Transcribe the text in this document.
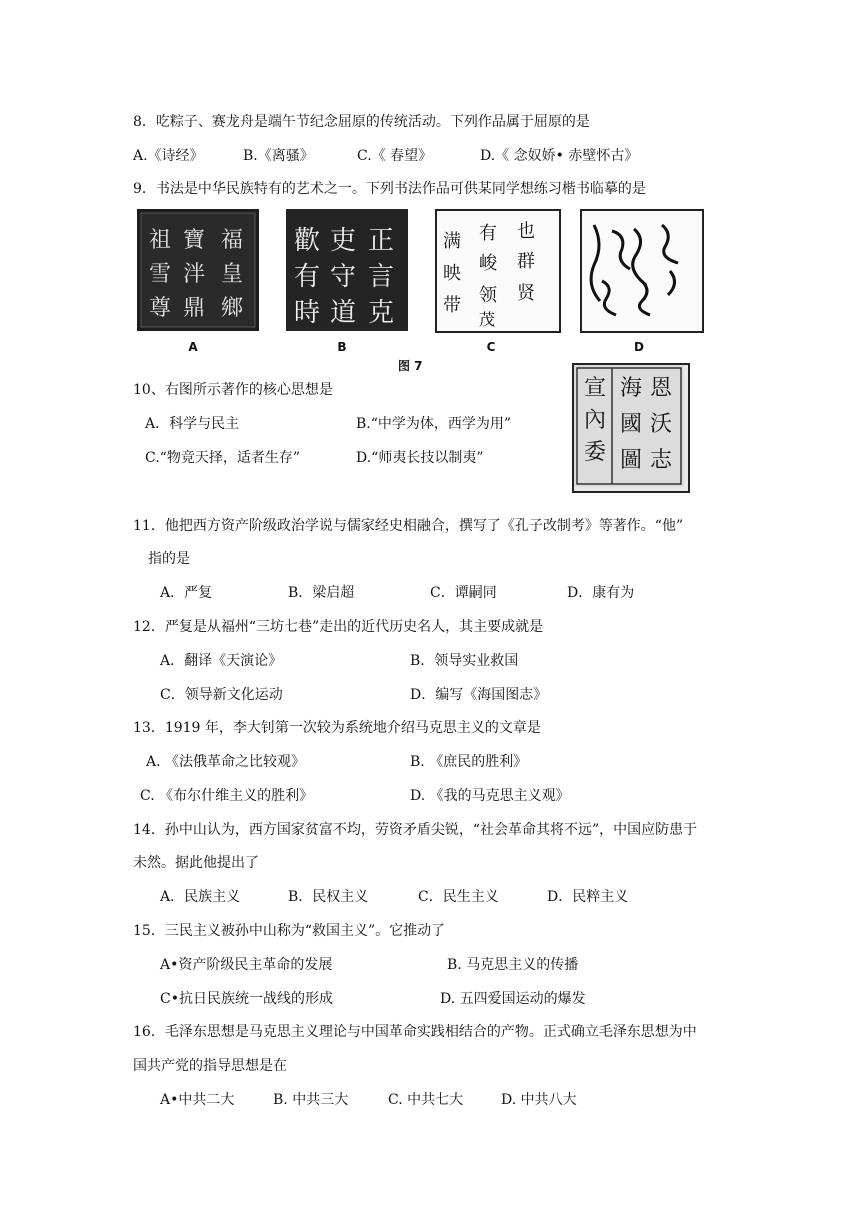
8．吃粽子、赛龙舟是端午节纪念屈原的传统活动。下列作品属于屈原的是
A.《诗经》	B.《离骚》	C.《 春望》	D.《 念奴娇• 赤壁怀古》
9．书法是中华民族特有的艺术之一。下列书法作品可供某同学想练习楷书临摹的是
祖 寶 福
雪 泮 皇
尊 鼎 鄉
歡 吏 正
有 守 言
時 道 克
满 有 也
映 峻 群
带 领 贤
茂
A	B	C	D
图 7
10、右图所示著作的核心思想是
A．科学与民主	B.“中学为体，西学为用”
C.“物竞天择，适者生存”	D.“师夷长技以制夷”
宣
內
委
海 恩
國 沃
圖 志
11．他把西方资产阶级政治学说与儒家经史相融合，撰写了《孔子改制考》等著作。“他”
指的是
A．严复	B．梁启超	C．谭嗣同	D．康有为
12．严复是从福州“三坊七巷”走出的近代历史名人，其主要成就是
A．翻译《天演论》	B．领导实业救国
C．领导新文化运动	D．编写《海国图志》
13．1919 年，李大钊第一次较为系统地介绍马克思主义的文章是
A. 《法俄革命之比较观》	B. 《庶民的胜利》
C. 《布尔什维主义的胜利》	D. 《我的马克思主义观》
14．孙中山认为，西方国家贫富不均，劳资矛盾尖锐，“社会革命其将不远”，中国应防患于
未然。据此他提出了
A．民族主义	B．民权主义	C．民生主义	D．民粹主义
15．三民主义被孙中山称为“救国主义”。它推动了
A•资产阶级民主革命的发展	B. 马克思主义的传播
C•抗日民族统一战线的形成	D. 五四爱国运动的爆发
16．毛泽东思想是马克思主义理论与中国革命实践相结合的产物。正式确立毛泽东思想为中
国共产党的指导思想是在
A•中共二大	B. 中共三大	C. 中共七大	D. 中共八大
